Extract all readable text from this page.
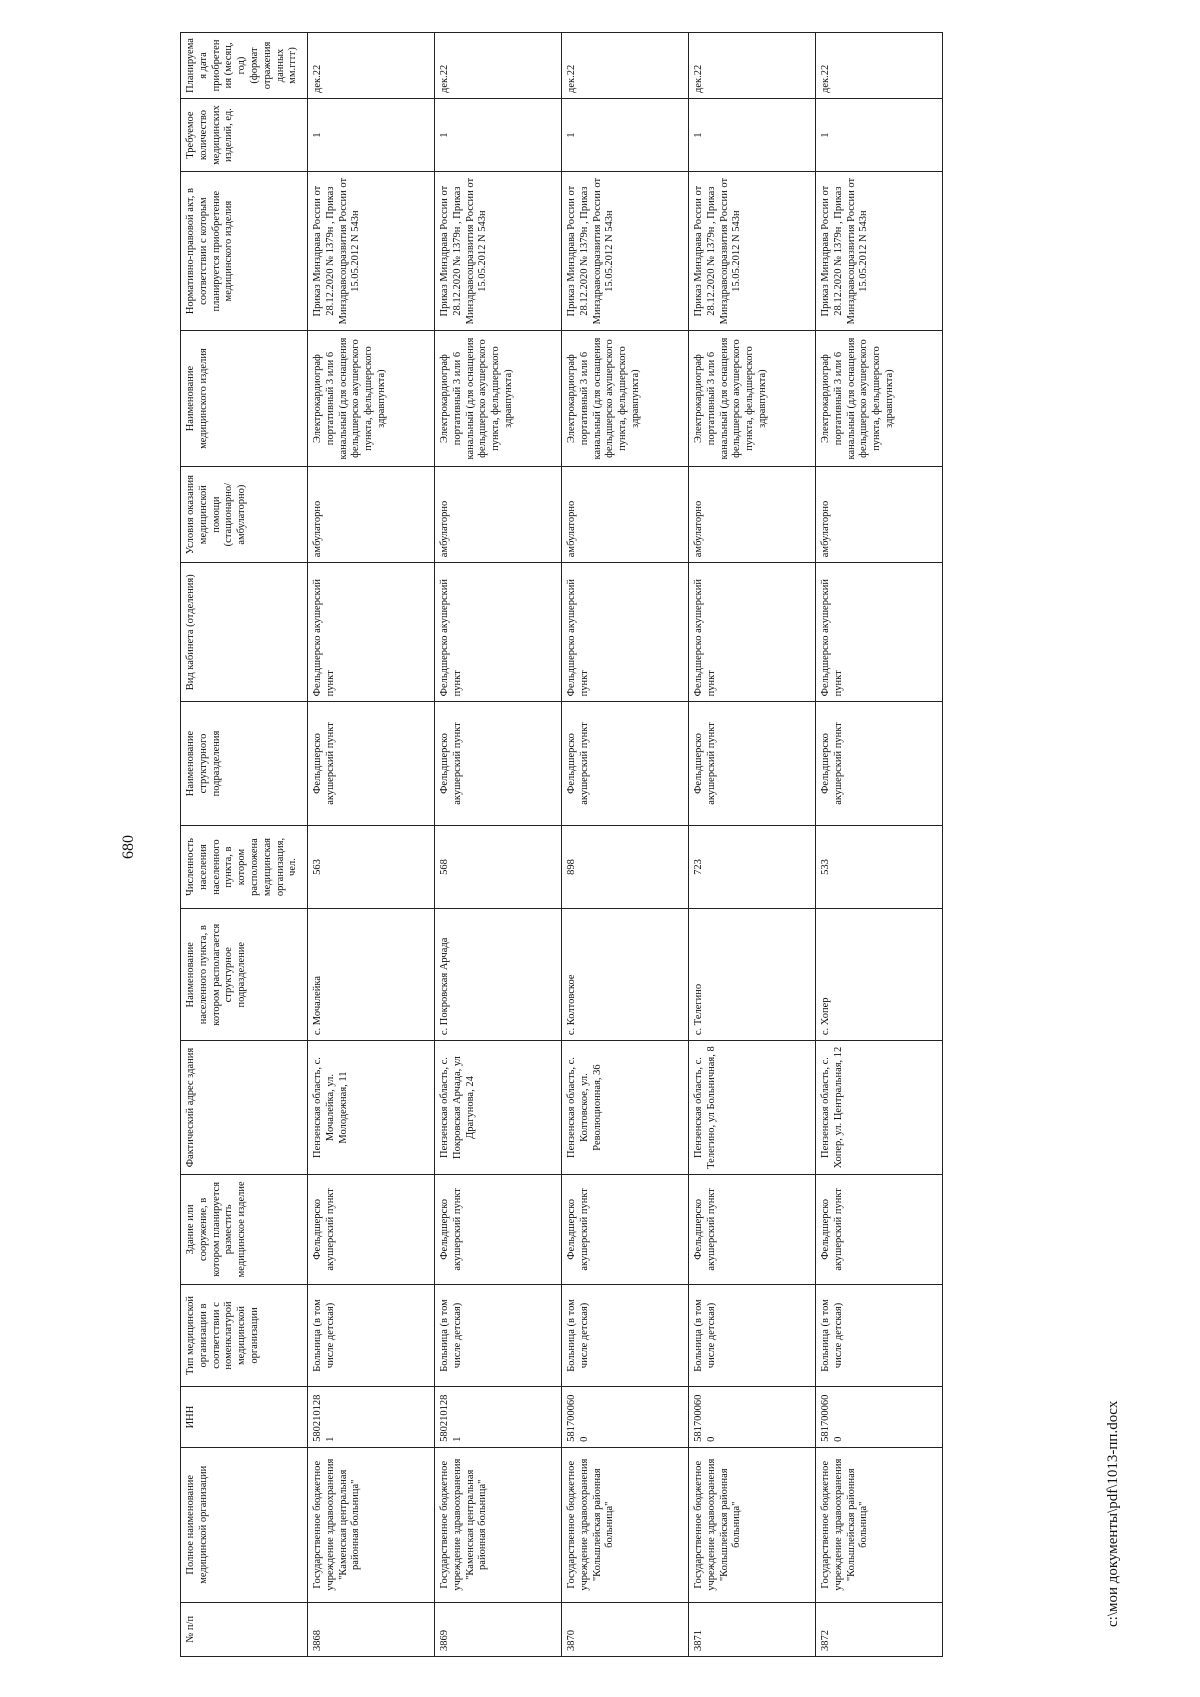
680
№ п/п	Полное наименование медицинской организации	ИНН	Тип медицинской организации в соответствии с номенклатурой медицинской организации	Здание или сооружение, в котором планируется разместить медицинское изделие	Фактический адрес здания	Наименование населенного пункта, в котором располагается структурное подразделение	Численность населения населенного пункта, в котором расположена медицинская организация, чел.	Наименование структурного подразделения	Вид кабинета (отделения)	Условия оказания медицинской помощи (стационарно/амбулаторно)	Наименование медицинского изделия	Нормативно-правовой акт, в соответствии с которым планируется приобретение медицинского изделия	Требуемое количество медицинских изделий, ед.	Планируемая дата приобретения (месяц, год) (формат отражения данных мм.гггг)
3868	Государственное бюджетное учреждение здравоохранения "Каменская центральная районная больница"	5802101281	Больница (в том числе детская)	Фельдшерско акушерский пункт	Пензенская область, с. Мочалейка, ул. Молодежная, 11	с. Мочалейка	563	Фельдшерско акушерский пункт	Фельдшерско акушерский пункт	амбулаторно	Электрокардиограф портативный 3 или 6 канальный (для оснащения фельдшерско акушерского пункта, фельдшерского здравпункта)	Приказ Минздрава России от 28.12.2020 № 1379н , Приказ Минздравсоцразвития России от 15.05.2012 N 543н	1	дек.22
3869	Государственное бюджетное учреждение здравоохранения "Каменская центральная районная больница"	5802101281	Больница (в том числе детская)	Фельдшерско акушерский пункт	Пензенская область, с. Покровская Арчада, ул Драгунова, 24	с. Покровская Арчада	568	Фельдшерско акушерский пункт	Фельдшерско акушерский пункт	амбулаторно	Электрокардиограф портативный 3 или 6 канальный (для оснащения фельдшерско акушерского пункта, фельдшерского здравпункта)	Приказ Минздрава России от 28.12.2020 № 1379н , Приказ Минздравсоцразвития России от 15.05.2012 N 543н	1	дек.22
3870	Государственное бюджетное учреждение здравоохранения "Кольшлейская районная больница"	5817000600	Больница (в том числе детская)	Фельдшерско акушерский пункт	Пензенская область, с. Колтовское, ул. Революционная, 36	с. Колтовское	898	Фельдшерско акушерский пункт	Фельдшерско акушерский пункт	амбулаторно	Электрокардиограф портативный 3 или 6 канальный (для оснащения фельдшерско акушерского пункта, фельдшерского здравпункта)	Приказ Минздрава России от 28.12.2020 № 1379н , Приказ Минздравсоцразвития России от 15.05.2012 N 543н	1	дек.22
3871	Государственное бюджетное учреждение здравоохранения "Кольшлейская районная больница"	5817000600	Больница (в том числе детская)	Фельдшерско акушерский пункт	Пензенская область, с. Телегино, ул Больничная, 8	с. Телегино	723	Фельдшерско акушерский пункт	Фельдшерско акушерский пункт	амбулаторно	Электрокардиограф портативный 3 или 6 канальный (для оснащения фельдшерско акушерского пункта, фельдшерского здравпункта)	Приказ Минздрава России от 28.12.2020 № 1379н , Приказ Минздравсоцразвития России от 15.05.2012 N 543н	1	дек.22
3872	Государственное бюджетное учреждение здравоохранения "Кольшлейская районная больница"	5817000600	Больница (в том числе детская)	Фельдшерско акушерский пункт	Пензенская область, с. Хопер, ул. Центральная, 12	с. Хопер	533	Фельдшерско акушерский пункт	Фельдшерско акушерский пункт	амбулаторно	Электрокардиограф портативный 3 или 6 канальный (для оснащения фельдшерско акушерского пункта, фельдшерского здравпункта)	Приказ Минздрава России от 28.12.2020 № 1379н , Приказ Минздравсоцразвития России от 15.05.2012 N 543н	1	дек.22
c:\мои документы\pdf\1013-пп.docx
